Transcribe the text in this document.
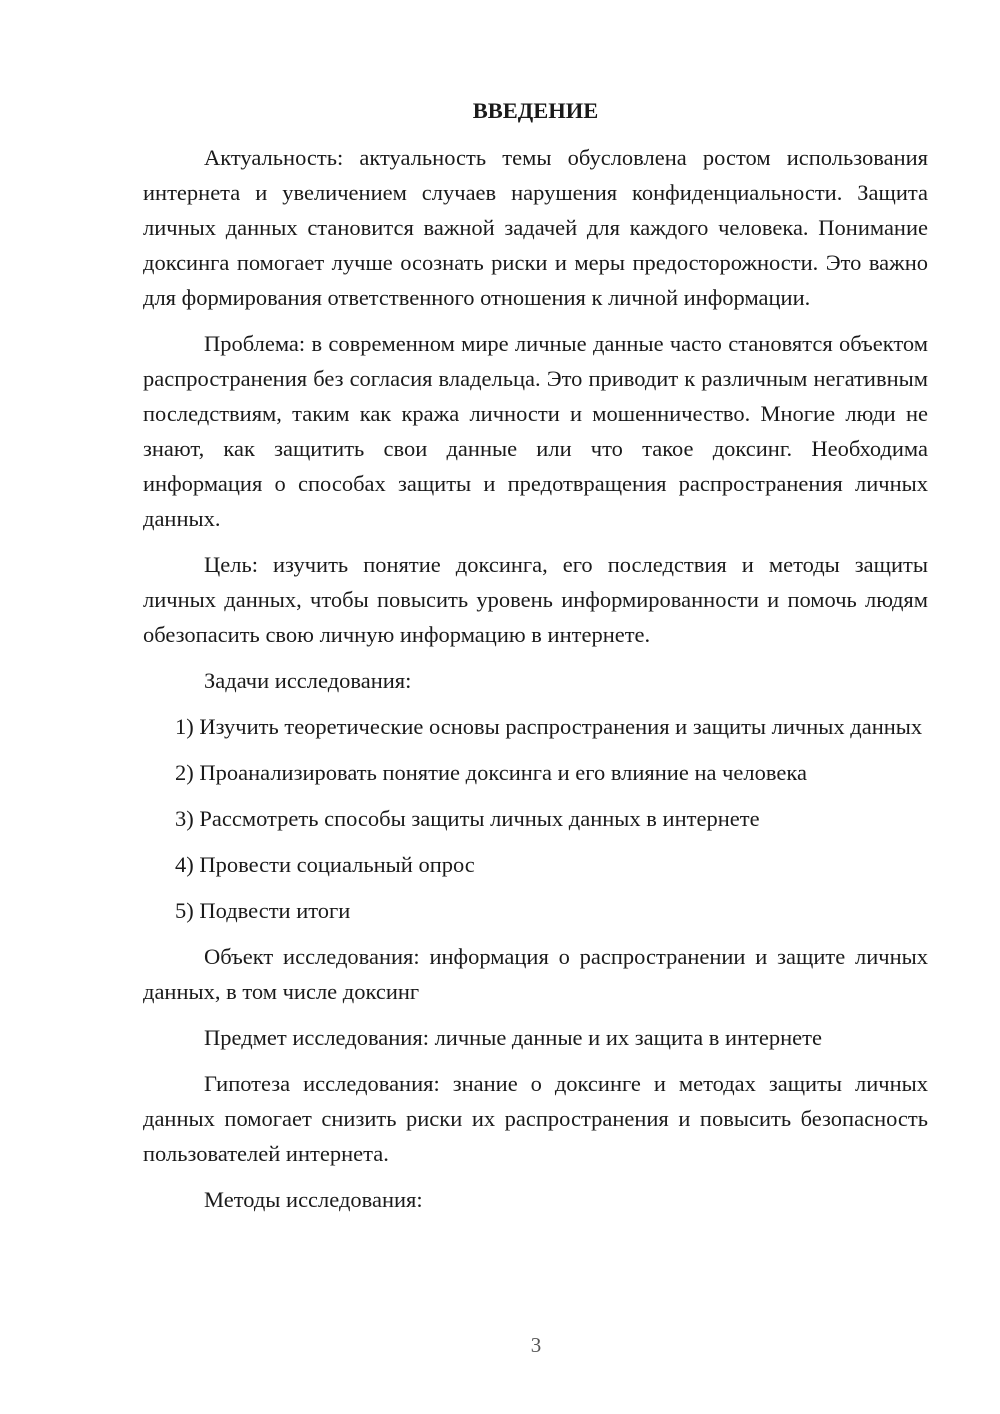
ВВЕДЕНИЕ

Актуальность: актуальность темы обусловлена ростом использования интернета и увеличением случаев нарушения конфиденциальности. Защита личных данных становится важной задачей для каждого человека. Понимание доксинга помогает лучше осознать риски и меры предосторожности. Это важно для формирования ответственного отношения к личной информации.

Проблема: в современном мире личные данные часто становятся объектом распространения без согласия владельца. Это приводит к различным негативным последствиям, таким как кража личности и мошенничество. Многие люди не знают, как защитить свои данные или что такое доксинг. Необходима информация о способах защиты и предотвращения распространения личных данных.

Цель: изучить понятие доксинга, его последствия и методы защиты личных данных, чтобы повысить уровень информированности и помочь людям обезопасить свою личную информацию в интернете.

Задачи исследования:

1) Изучить теоретические основы распространения и защиты личных данных

2) Проанализировать понятие доксинга и его влияние на человека

3) Рассмотреть способы защиты личных данных в интернете

4) Провести социальный опрос

5) Подвести итоги

Объект исследования: информация о распространении и защите личных данных, в том числе доксинг

Предмет исследования: личные данные и их защита в интернете

Гипотеза исследования: знание о доксинге и методах защиты личных данных помогает снизить риски их распространения и повысить безопасность пользователей интернета.

Методы исследования:

3
